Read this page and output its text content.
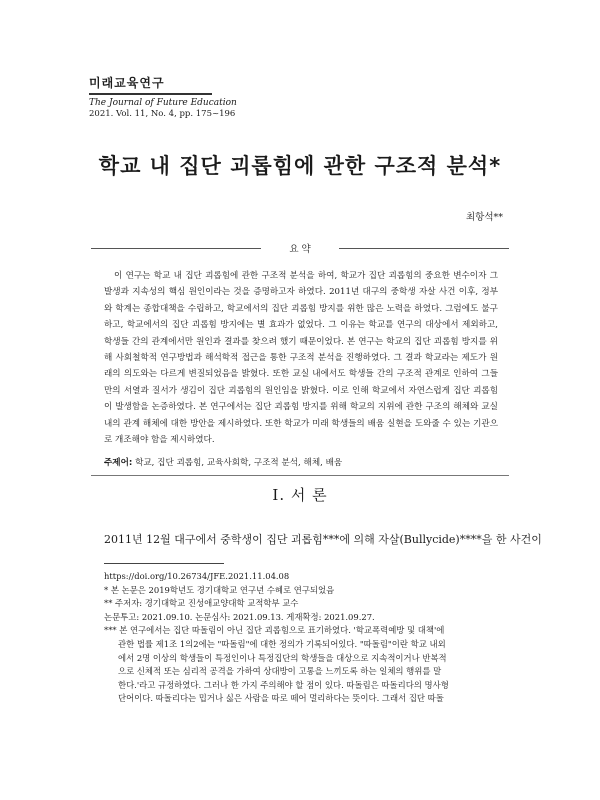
미래교육연구
The Journal of Future Education
2021. Vol. 11, No. 4, pp. 175~196
학교 내 집단 괴롭힘에 관한 구조적 분석*
최항석**
요 약

이 연구는 학교 내 집단 괴롭힘에 관한 구조적 분석을 하여, 학교가 집단 괴롭힘의 중요한 변수이자 그 발생과 지속성의 핵심 원인이라는 것을 증명하고자 하였다. 2011년 대구의 중학생 자살 사건 이후, 정부와 학계는 종합대책을 수립하고, 학교에서의 집단 괴롭힘 방지를 위한 많은 노력을 하였다. 그럼에도 불구하고, 학교에서의 집단 괴롭힘 방지에는 별 효과가 없었다. 그 이유는 학교를 연구의 대상에서 제외하고, 학생들 간의 관계에서만 원인과 결과를 찾으려 했기 때문이었다. 본 연구는 학교의 집단 괴롭힘 방지를 위해 사회철학적 연구방법과 해석학적 접근을 통한 구조적 분석을 진행하였다. 그 결과 학교라는 제도가 원래의 의도와는 다르게 변질되었음을 밝혔다. 또한 교실 내에서도 학생들 간의 구조적 관계로 인하여 그들만의 서열과 질서가 생김이 집단 괴롭힘의 원인임을 밝혔다. 이로 인해 학교에서 자연스럽게 집단 괴롭힘이 발생함을 논증하였다. 본 연구에서는 집단 괴롭힘 방지를 위해 학교의 지위에 관한 구조의 해체와 교실 내의 관계 해체에 대한 방안을 제시하였다. 또한 학교가 미래 학생들의 배움 실현을 도와줄 수 있는 기관으로 개조해야 함을 제시하였다.

주제어: 학교, 집단 괴롭힘, 교육사회학, 구조적 분석, 해체, 배움
Ⅰ. 서 론
2011년 12월 대구에서 중학생이 집단 괴롭힘***에 의해 자살(Bullycide)****을 한 사건이
https://doi.org/10.26734/JFE.2021.11.04.08
* 본 논문은 2019학년도 경기대학교 연구년 수혜로 연구되었음
** 주저자: 경기대학교 진성애교양대학 교적학부 교수
논문투고: 2021.09.10. 논문심사: 2021.09.13. 게재확정: 2021.09.27.
*** 본 연구에서는 집단 따돌림이 아닌 집단 괴롭힘으로 표기하였다. '학교폭력예방 및 대책'에
관한 법률 제1조 1의2에는 "따돌림"에 대한 정의가 기록되어있다. "따돌림"이란 학교 내외
에서 2명 이상의 학생들이 특정인이나 특정집단의 학생들을 대상으로 지속적이거나 반복적
으로 신체적 또는 심리적 공격을 가하여 상대방이 고통을 느끼도록 하는 일체의 행위를 말
한다.'라고 규정하였다. 그러나 한 가지 주의해야 할 점이 있다. 따돌림은 따돌리다의 명사형
단어이다. 따돌리다는 밉거나 싫은 사람을 따로 떼어 멀리하다는 뜻이다. 그래서 집단 따돌
